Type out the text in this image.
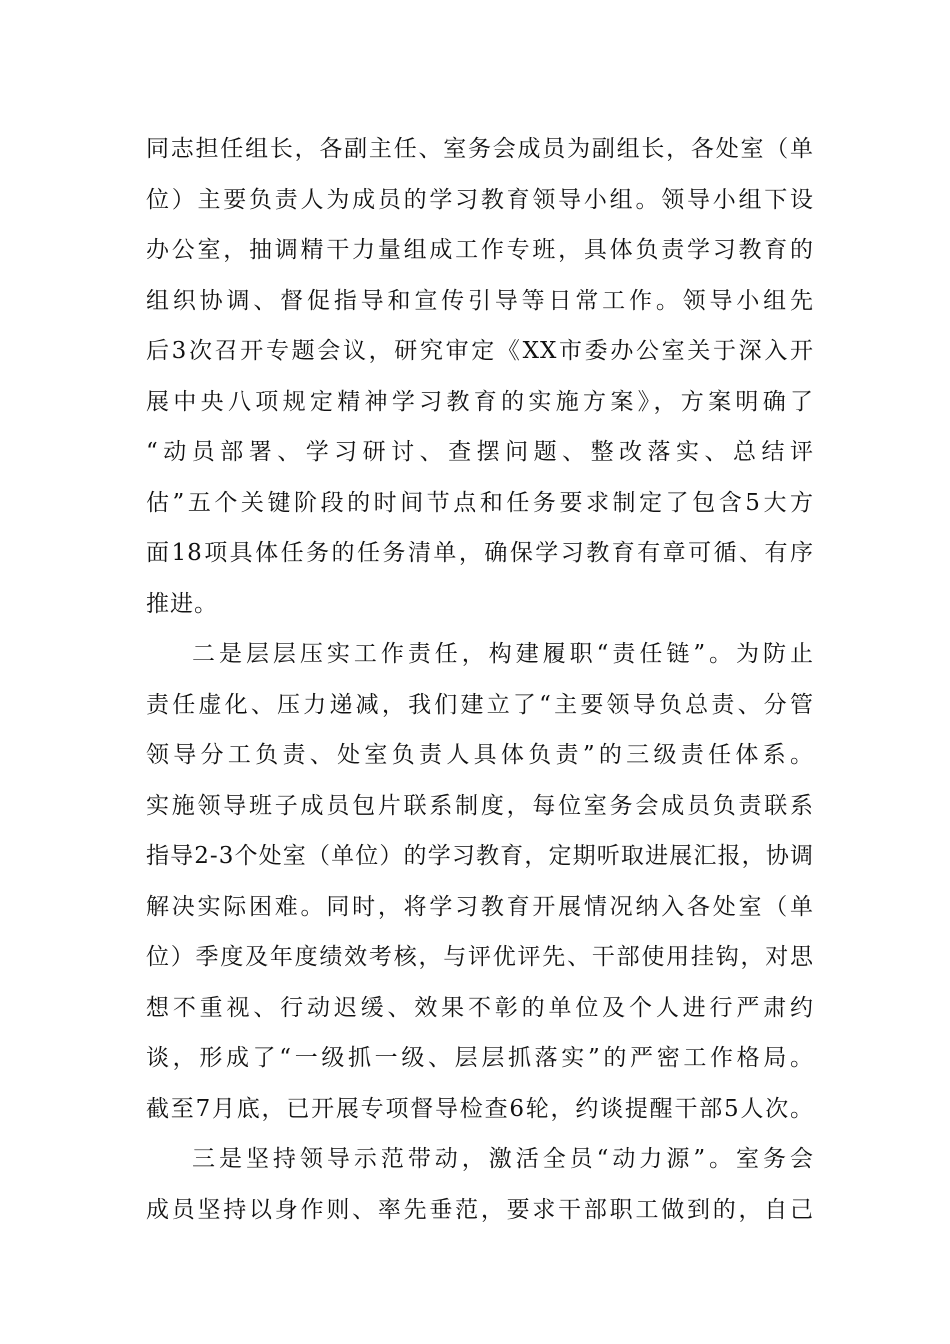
同志担任组长，各副主任、室务会成员为副组长，各处室（单
位）主要负责人为成员的学习教育领导小组。领导小组下设
办公室，抽调精干力量组成工作专班，具体负责学习教育的
组织协调、督促指导和宣传引导等日常工作。领导小组先
后3次召开专题会议，研究审定《XX市委办公室关于深入开
展中央八项规定精神学习教育的实施方案》，方案明确了
“动员部署、学习研讨、查摆问题、整改落实、总结评
估”五个关键阶段的时间节点和任务要求制定了包含5大方
面18项具体任务的任务清单，确保学习教育有章可循、有序
推进。
二是层层压实工作责任，构建履职“责任链”。为防止
责任虚化、压力递减，我们建立了“主要领导负总责、分管
领导分工负责、处室负责人具体负责”的三级责任体系。
实施领导班子成员包片联系制度，每位室务会成员负责联系
指导2-3个处室（单位）的学习教育，定期听取进展汇报，协调
解决实际困难。同时，将学习教育开展情况纳入各处室（单
位）季度及年度绩效考核，与评优评先、干部使用挂钩，对思
想不重视、行动迟缓、效果不彰的单位及个人进行严肃约
谈，形成了“一级抓一级、层层抓落实”的严密工作格局。
截至7月底，已开展专项督导检查6轮，约谈提醒干部5人次。
三是坚持领导示范带动，激活全员“动力源”。室务会
成员坚持以身作则、率先垂范，要求干部职工做到的，自己
